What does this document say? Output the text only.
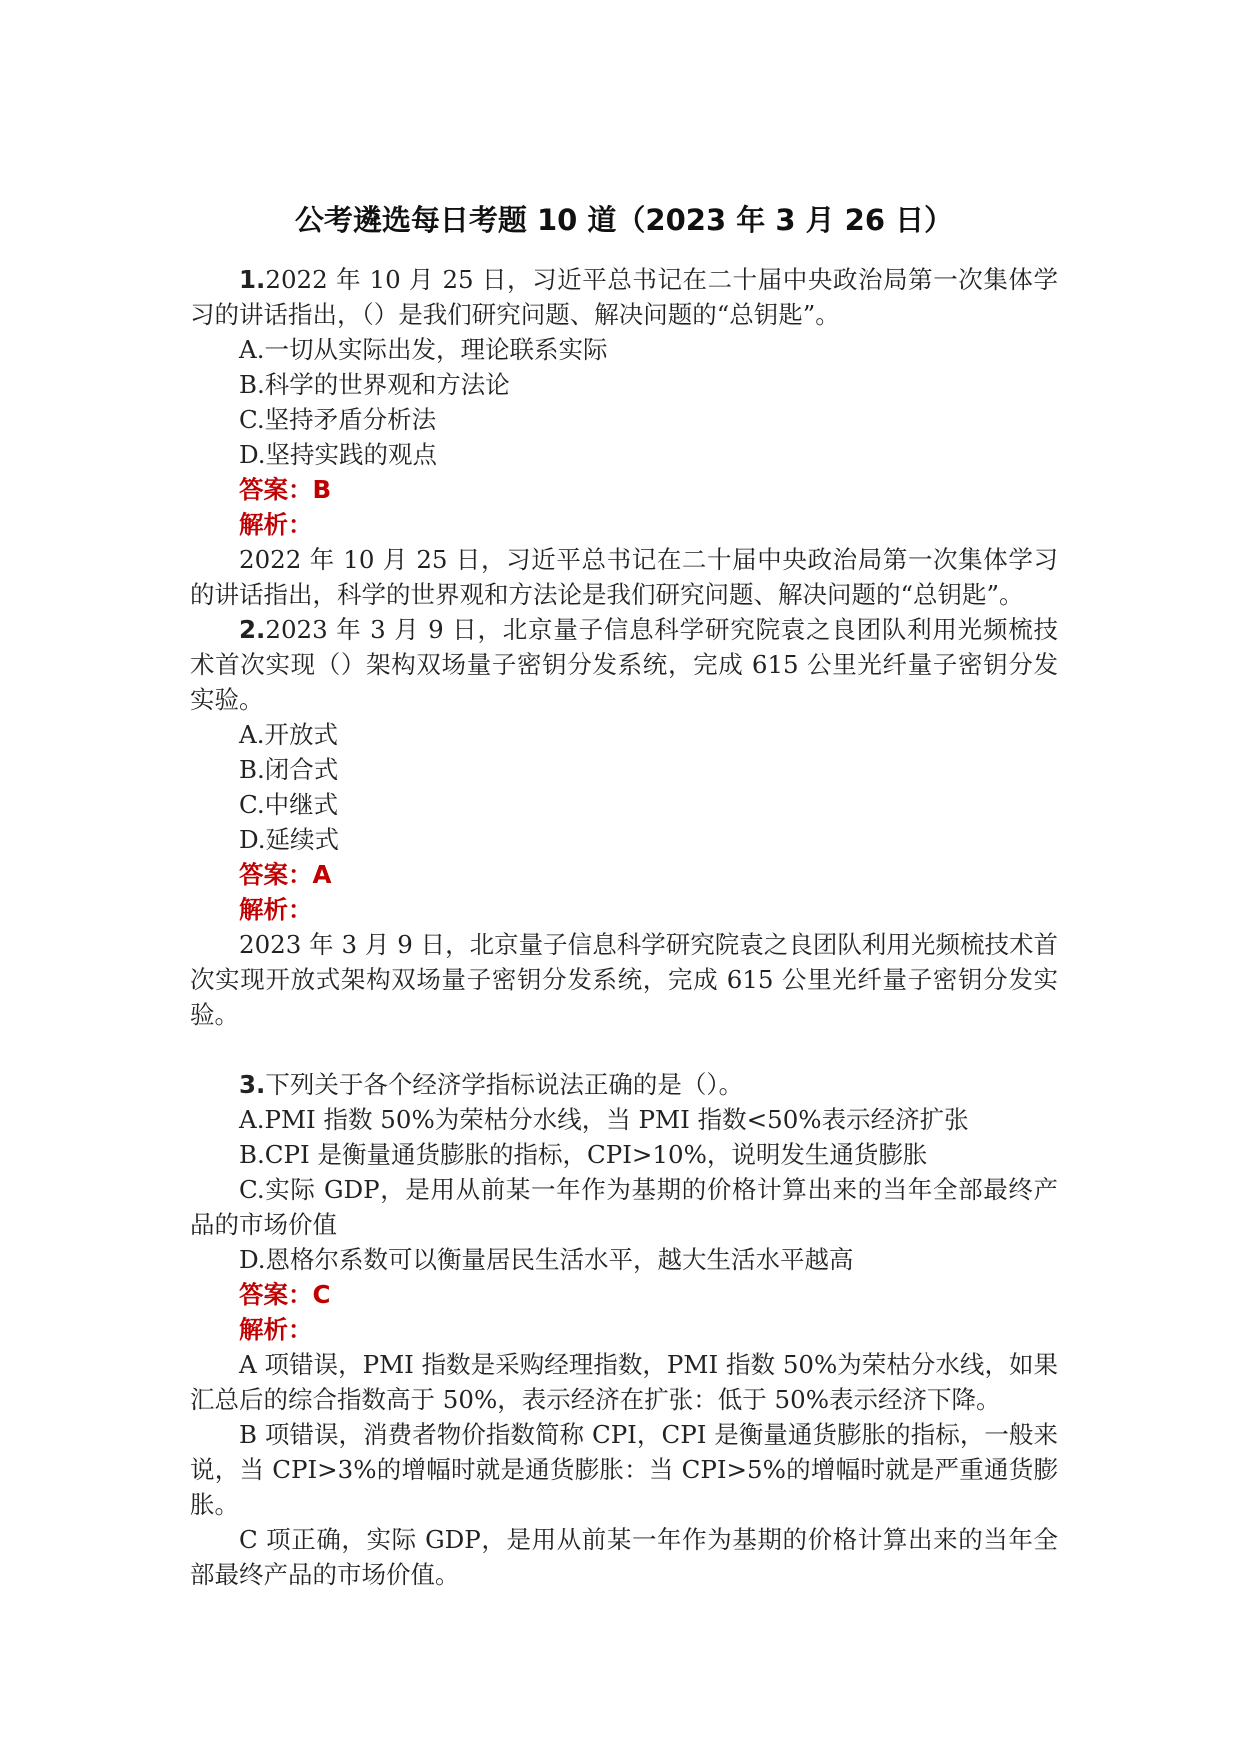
公考遴选每日考题 10 道（2023 年 3 月 26 日）

1.2022 年 10 月 25 日，习近平总书记在二十届中央政治局第一次集体学习的讲话指出，（）是我们研究问题、解决问题的“总钥匙”。

A.一切从实际出发，理论联系实际

B.科学的世界观和方法论

C.坚持矛盾分析法

D.坚持实践的观点

答案：B

解析：

2022 年 10 月 25 日，习近平总书记在二十届中央政治局第一次集体学习的讲话指出，科学的世界观和方法论是我们研究问题、解决问题的“总钥匙”。

2.2023 年 3 月 9 日，北京量子信息科学研究院袁之良团队利用光频梳技术首次实现（）架构双场量子密钥分发系统，完成 615 公里光纤量子密钥分发实验。

A.开放式

B.闭合式

C.中继式

D.延续式

答案：A

解析：

2023 年 3 月 9 日，北京量子信息科学研究院袁之良团队利用光频梳技术首次实现开放式架构双场量子密钥分发系统，完成 615 公里光纤量子密钥分发实验。

3.下列关于各个经济学指标说法正确的是（）。

A.PMI 指数 50%为荣枯分水线，当 PMI 指数<50%表示经济扩张

B.CPI 是衡量通货膨胀的指标，CPI>10%，说明发生通货膨胀

C.实际 GDP，是用从前某一年作为基期的价格计算出来的当年全部最终产品的市场价值

D.恩格尔系数可以衡量居民生活水平，越大生活水平越高

答案：C

解析：

A 项错误，PMI 指数是采购经理指数，PMI 指数 50%为荣枯分水线，如果汇总后的综合指数高于 50%，表示经济在扩张：低于 50%表示经济下降。

B 项错误，消费者物价指数简称 CPI，CPI 是衡量通货膨胀的指标，一般来说，当 CPI>3%的增幅时就是通货膨胀：当 CPI>5%的增幅时就是严重通货膨胀。

C 项正确，实际 GDP，是用从前某一年作为基期的价格计算出来的当年全部最终产品的市场价值。
